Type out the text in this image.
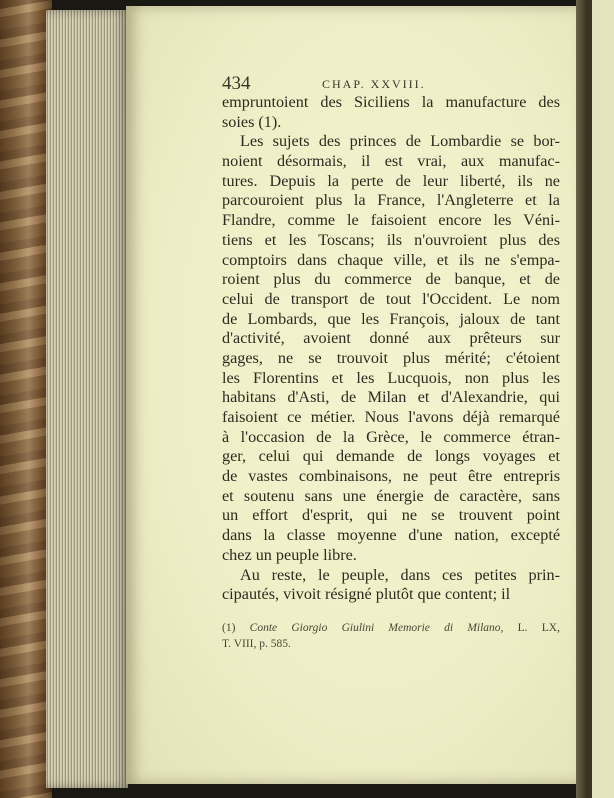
434	CHAP. XXVIII.
empruntoient des Siciliens la manufacture des
soies (1).
Les sujets des princes de Lombardie se bor-
noient désormais, il est vrai, aux manufac-
tures. Depuis la perte de leur liberté, ils ne
parcouroient plus la France, l'Angleterre et la
Flandre, comme le faisoient encore les Véni-
tiens et les Toscans; ils n'ouvroient plus des
comptoirs dans chaque ville, et ils ne s'empa-
roient plus du commerce de banque, et de
celui de transport de tout l'Occident. Le nom
de Lombards, que les François, jaloux de tant
d'activité, avoient donné aux prêteurs sur
gages, ne se trouvoit plus mérité; c'étoient
les Florentins et les Lucquois, non plus les
habitans d'Asti, de Milan et d'Alexandrie, qui
faisoient ce métier. Nous l'avons déjà remarqué
à l'occasion de la Grèce, le commerce étran-
ger, celui qui demande de longs voyages et
de vastes combinaisons, ne peut être entrepris
et soutenu sans une énergie de caractère, sans
un effort d'esprit, qui ne se trouvent point
dans la classe moyenne d'une nation, excepté
chez un peuple libre.
Au reste, le peuple, dans ces petites prin-
cipautés, vivoit résigné plutôt que content; il
(1) Conte Giorgio Giulini Memorie di Milano, L. LX,
T. VIII, p. 585.
